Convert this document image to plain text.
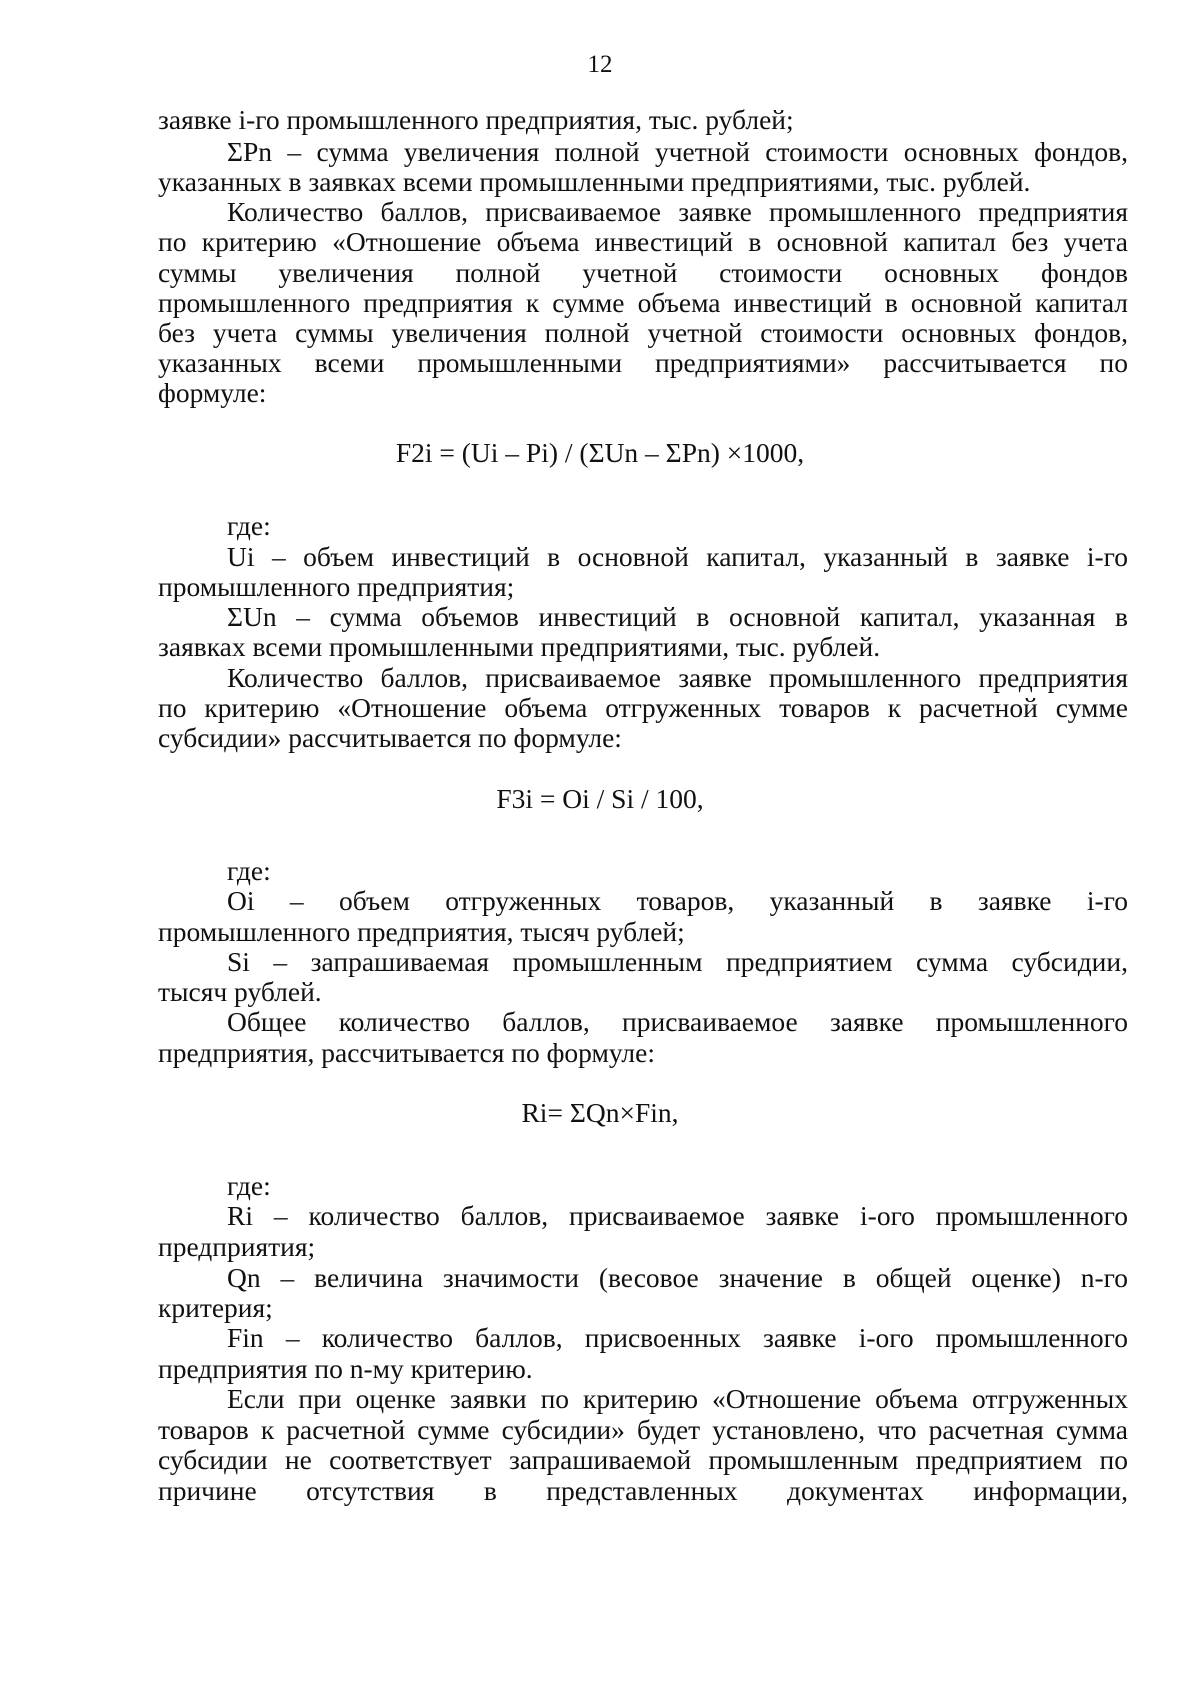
12
заявке i-го промышленного предприятия, тыс. рублей;
ΣPn – сумма увеличения полной учетной стоимости основных фондов,
указанных в заявках всеми промышленными предприятиями, тыс. рублей.
Количество баллов, присваиваемое заявке промышленного предприятия
по критерию «Отношение объема инвестиций в основной капитал без учета
суммы увеличения полной учетной стоимости основных фондов
промышленного предприятия к сумме объема инвестиций в основной капитал
без учета суммы увеличения полной учетной стоимости основных фондов,
указанных всеми промышленными предприятиями» рассчитывается по
формуле:
F2i = (Ui – Pi) / (ΣUn – ΣPn) ×1000,
где:
Ui – объем инвестиций в основной капитал, указанный в заявке i-го
промышленного предприятия;
ΣUn – сумма объемов инвестиций в основной капитал, указанная в
заявках всеми промышленными предприятиями, тыс. рублей.
Количество баллов, присваиваемое заявке промышленного предприятия
по критерию «Отношение объема отгруженных товаров к расчетной сумме
субсидии» рассчитывается по формуле:
F3i = Oi / Si / 100,
где:
Oi – объем отгруженных товаров, указанный в заявке i-го
промышленного предприятия, тысяч рублей;
Si – запрашиваемая промышленным предприятием сумма субсидии,
тысяч рублей.
Общее количество баллов, присваиваемое заявке промышленного
предприятия, рассчитывается по формуле:
Ri= ΣQn×Fin,
где:
Ri – количество баллов, присваиваемое заявке i-ого промышленного
предприятия;
Qn – величина значимости (весовое значение в общей оценке) n-го
критерия;
Fin – количество баллов, присвоенных заявке i-ого промышленного
предприятия по n-му критерию.
Если при оценке заявки по критерию «Отношение объема отгруженных
товаров к расчетной сумме субсидии» будет установлено, что расчетная сумма
субсидии не соответствует запрашиваемой промышленным предприятием по
причине отсутствия в представленных документах информации,
